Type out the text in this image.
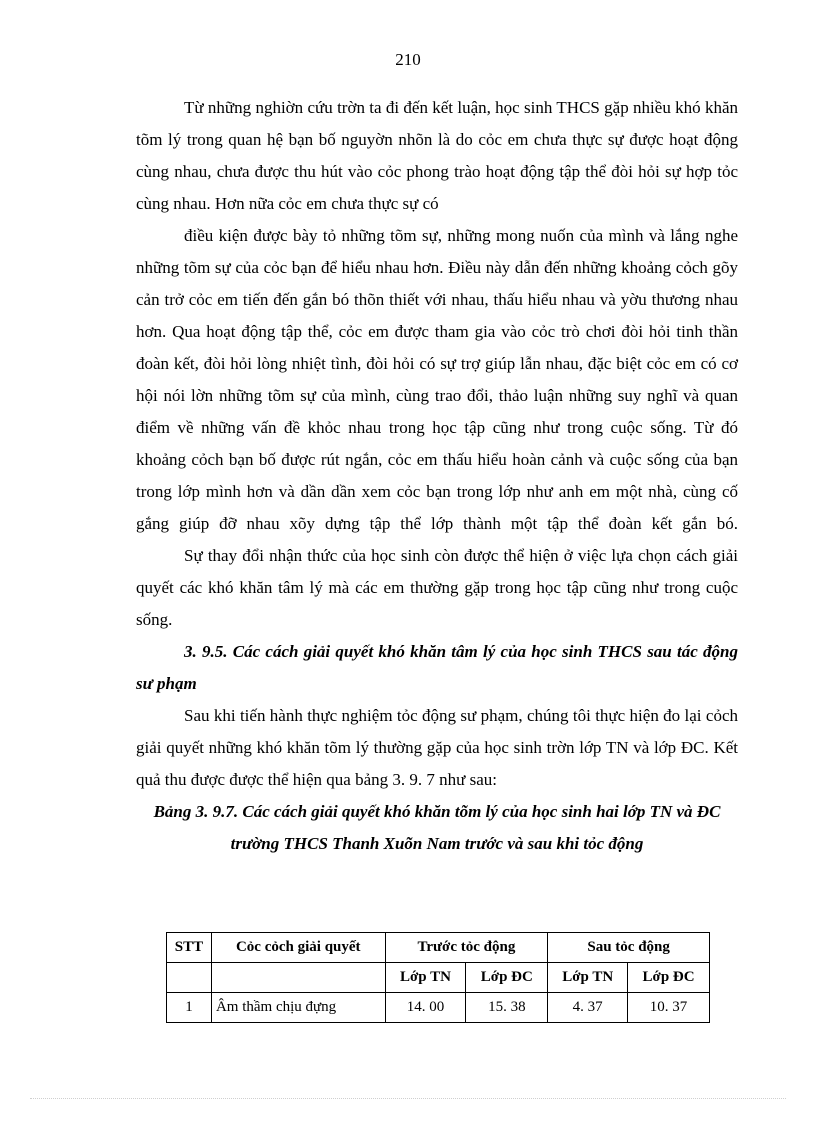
210

Từ những nghiờn cứu trờn ta đi đến kết luận, học sinh THCS gặp nhiều khó khăn tõm lý trong quan hệ bạn bố nguyờn nhõn là do cỏc em chưa thực sự được hoạt động cùng nhau, chưa được thu hút vào cỏc phong trào hoạt động tập thể đòi hỏi sự hợp tỏc cùng nhau. Hơn nữa cỏc em chưa thực sự có

điều kiện được bày tỏ những tõm sự, những mong nuốn của mình và lắng nghe những tõm sự của cỏc bạn để hiểu nhau hơn. Điều này dẫn đến những khoảng cỏch gõy cản trở cỏc em tiến đến gắn bó thõn thiết với nhau, thấu hiểu nhau và yờu thương nhau hơn. Qua hoạt động tập thể, cỏc em được tham gia vào cỏc trò chơi đòi hỏi tinh thần đoàn kết, đòi hỏi lòng nhiệt tình, đòi hỏi có sự trợ giúp lẫn nhau, đặc biệt cỏc em có cơ hội nói lờn những tõm sự của mình, cùng trao đổi, thảo luận những suy nghĩ và quan điểm về những vấn đề khỏc nhau trong học tập cũng như trong cuộc sống. Từ đó khoảng cỏch bạn bố được rút ngắn, cỏc em thấu hiểu hoàn cảnh và cuộc sống của bạn trong lớp mình hơn và dần dần xem cỏc bạn trong lớp như anh em một nhà, cùng cố gắng giúp đỡ nhau xõy dựng tập thể lớp thành một tập thể đoàn kết gắn bó.

Sự thay đổi nhận thức của học sinh còn được thể hiện ở việc lựa chọn cách giải quyết các khó khăn tâm lý mà các em thường gặp trong học tập cũng như trong cuộc sống.

3. 9.5. Các cách giải quyết khó khăn tâm lý của học sinh THCS sau tác động sư phạm

Sau khi tiến hành thực nghiệm tỏc động sư phạm, chúng tôi thực hiện đo lại cỏch giải quyết những khó khăn tõm lý thường gặp của học sinh trờn lớp TN và lớp ĐC. Kết quả thu được được thể hiện qua bảng 3. 9. 7 như sau:

Bảng 3. 9.7. Các cách giải quyết khó khăn tõm lý của học sinh hai lớp TN và ĐC trường THCS Thanh Xuõn Nam trước và sau khi tỏc động

STT	Cỏc cỏch giải quyết	Trước tỏc động		Sau tỏc động	
		Lớp TN	Lớp ĐC	Lớp TN	Lớp ĐC
1	Âm thầm chịu đựng	14. 00	15. 38	4. 37	10. 37
